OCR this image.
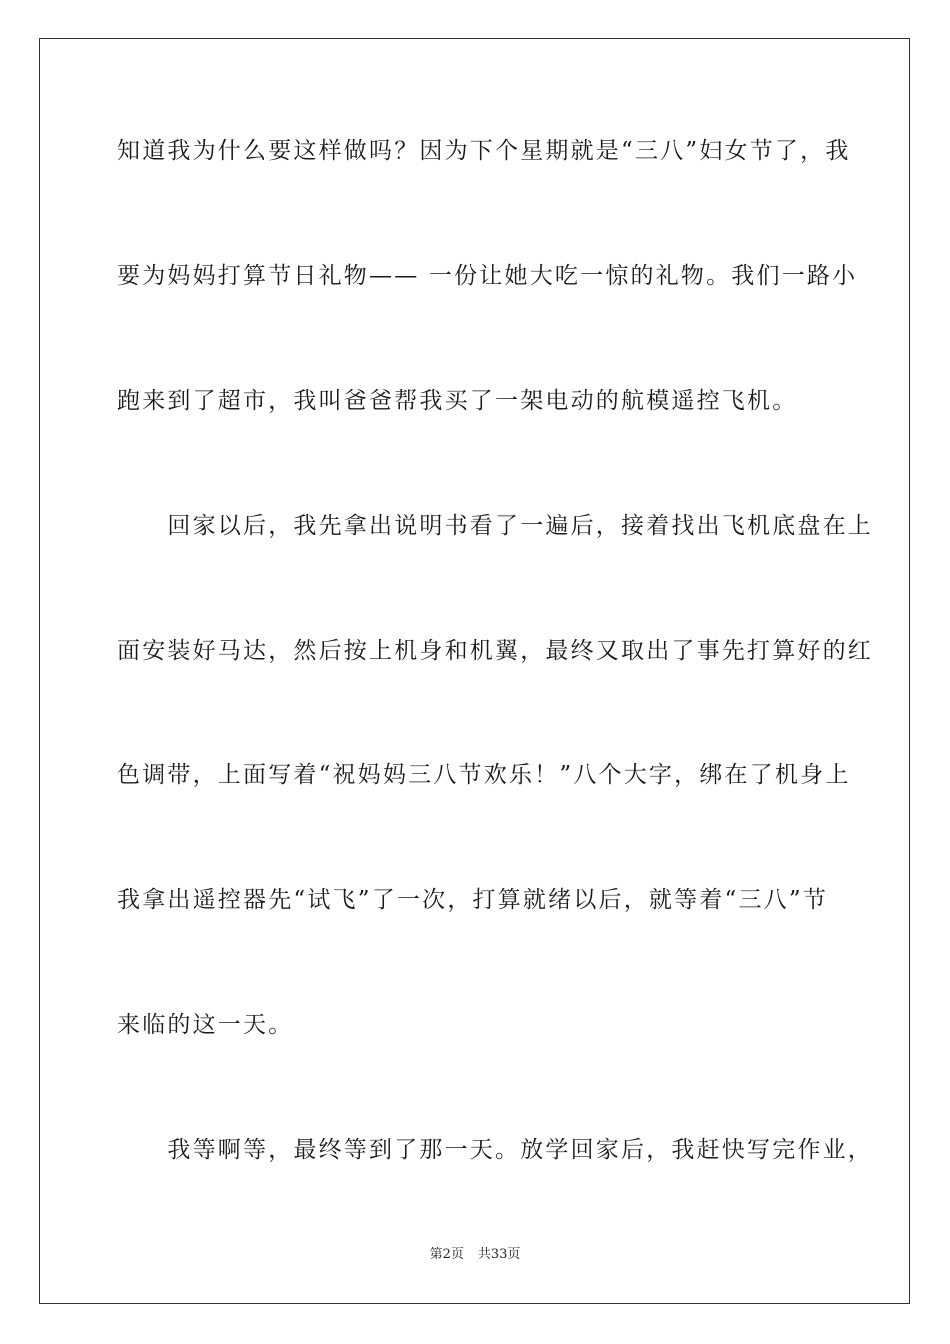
知道我为什么要这样做吗？因为下个星期就是“三八”妇女节了，我
要为妈妈打算节日礼物—— 一份让她大吃一惊的礼物。我们一路小
跑来到了超市，我叫爸爸帮我买了一架电动的航模遥控飞机。
　　回家以后，我先拿出说明书看了一遍后，接着找出飞机底盘在上
面安装好马达，然后按上机身和机翼，最终又取出了事先打算好的红
色调带，上面写着“祝妈妈三八节欢乐！”八个大字，绑在了机身上
我拿出遥控器先“试飞”了一次，打算就绪以后，就等着“三八”节
来临的这一天。
　　我等啊等，最终等到了那一天。放学回家后，我赶快写完作业，
第2页 共33页
